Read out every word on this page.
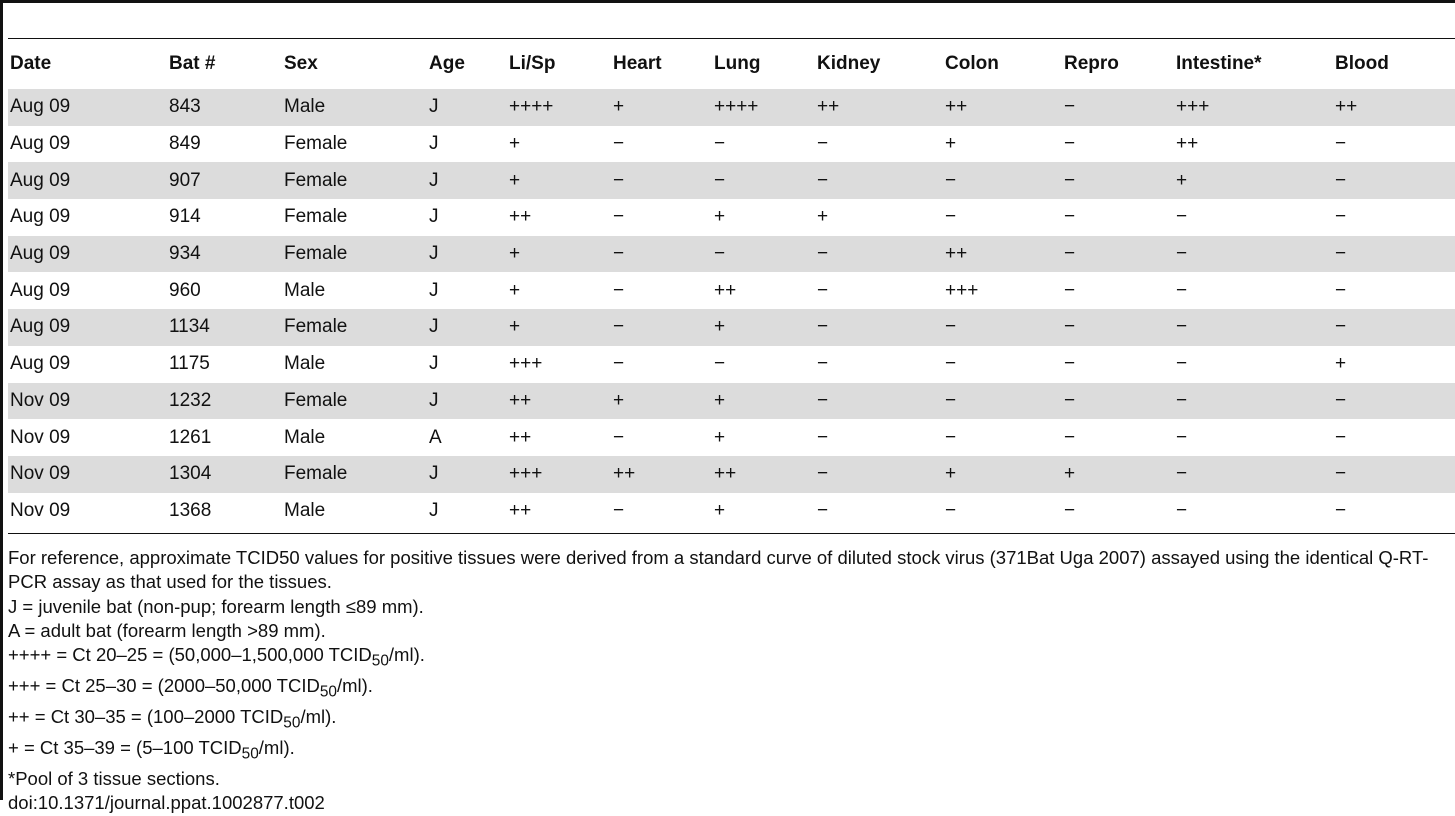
Date	Bat #	Sex	Age	Li/Sp	Heart	Lung	Kidney	Colon	Repro	Intestine*	Blood
Aug 09	843	Male	J	++++	+	++++	++	++	−	+++	++
Aug 09	849	Female	J	+	−	−	−	+	−	++	−
Aug 09	907	Female	J	+	−	−	−	−	−	+	−
Aug 09	914	Female	J	++	−	+	+	−	−	−	−
Aug 09	934	Female	J	+	−	−	−	++	−	−	−
Aug 09	960	Male	J	+	−	++	−	+++	−	−	−
Aug 09	1134	Female	J	+	−	+	−	−	−	−	−
Aug 09	1175	Male	J	+++	−	−	−	−	−	−	+
Nov 09	1232	Female	J	++	+	+	−	−	−	−	−
Nov 09	1261	Male	A	++	−	+	−	−	−	−	−
Nov 09	1304	Female	J	+++	++	++	−	+	+	−	−
Nov 09	1368	Male	J	++	−	+	−	−	−	−	−

For reference, approximate TCID50 values for positive tissues were derived from a standard curve of diluted stock virus (371Bat Uga 2007) assayed using the identical Q-RT-PCR assay as that used for the tissues.

J = juvenile bat (non-pup; forearm length ≤89 mm).

A = adult bat (forearm length >89 mm).

++++ = Ct 20–25 = (50,000–1,500,000 $TCID_{50}/ml$).

+++ = Ct 25–30 = (2000–50,000 $TCID_{50}/ml$).

++ = Ct 30–35 = (100–2000 $TCID_{50}/ml$).

+ = Ct 35–39 = (5–100 $TCID_{50}/ml$).

*Pool of 3 tissue sections.

doi:10.1371/journal.ppat.1002877.t002
